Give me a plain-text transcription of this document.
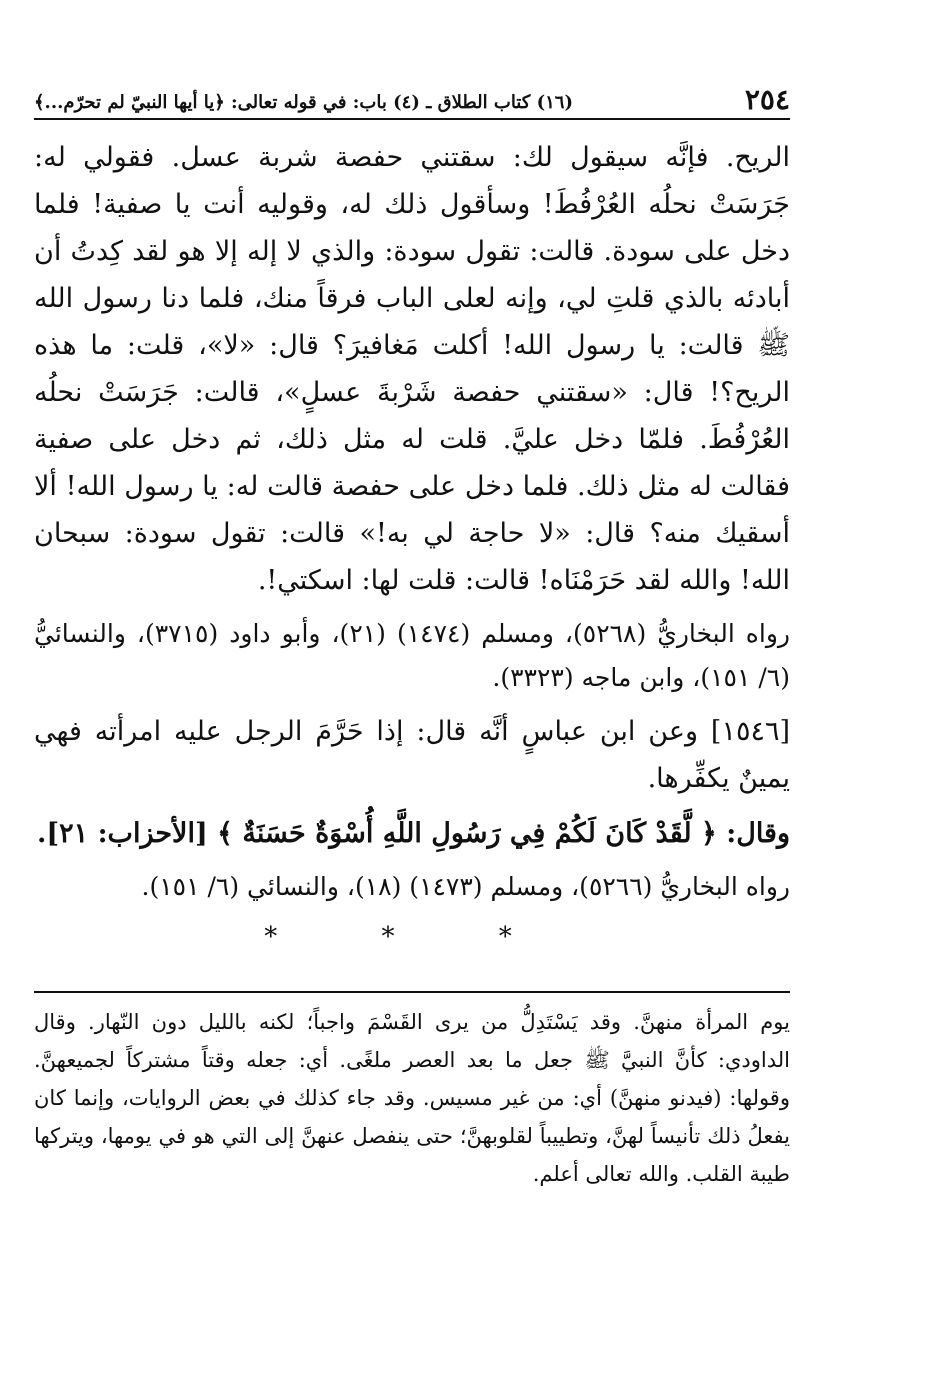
٢٥٤
(١٦) كتاب الطلاق ـ (٤) باب: في قوله تعالى: ﴿يا أيها النبيّ لم تحرّم...﴾

الريح. فإنَّه سيقول لك: سقتني حفصة شربة عسل. فقولي له: جَرَسَتْ نحلُه العُرْفُطَ! وسأقول ذلك له، وقوليه أنت يا صفية! فلما دخل على سودة. قالت: تقول سودة: والذي لا إله إلا هو لقد كِدتُ أن أبادئه بالذي قلتِ لي، وإنه لعلى الباب فرقاً منك، فلما دنا رسول الله ﷺ قالت: يا رسول الله! أكلت مَغافيرَ؟ قال: «لا»، قلت: ما هذه الريح؟! قال: «سقتني حفصة شَرْبةَ عسلٍ»، قالت: جَرَسَتْ نحلُه العُرْفُطَ. فلمّا دخل عليَّ. قلت له مثل ذلك، ثم دخل على صفية فقالت له مثل ذلك. فلما دخل على حفصة قالت له: يا رسول الله! ألا أسقيك منه؟ قال: «لا حاجة لي به!» قالت: تقول سودة: سبحان الله! والله لقد حَرَمْنَاه! قالت: قلت لها: اسكتي!.

رواه البخاريُّ (٥٢٦٨)، ومسلم (١٤٧٤) (٢١)، وأبو داود (٣٧١٥)، والنسائيُّ (٦/ ١٥١)، وابن ماجه (٣٣٢٣).

[١٥٤٦] وعن ابن عباسٍ أنَّه قال: إذا حَرَّمَ الرجل عليه امرأته فهي يمينٌ يكفِّرها.

وقال: ﴿ لَّقَدْ كَانَ لَكُمْ فِي رَسُولِ اللَّهِ أُسْوَةٌ حَسَنَةٌ ﴾ [الأحزاب: ٢١].

رواه البخاريُّ (٥٢٦٦)، ومسلم (١٤٧٣) (١٨)، والنسائي (٦/ ١٥١).

* * *

يوم المرأة منهنَّ. وقد يَسْتَدِلُّ من يرى القَسْمَ واجباً؛ لكنه بالليل دون النّهار. وقال الداودي: كأنَّ النبيَّ ﷺ جعل ما بعد العصر ملغًى. أي: جعله وقتاً مشتركاً لجميعهنَّ. وقولها: (فيدنو منهنَّ) أي: من غير مسيس. وقد جاء كذلك في بعض الروايات، وإنما كان يفعلُ ذلك تأنيساً لهنَّ، وتطييباً لقلوبهنَّ؛ حتى ينفصل عنهنَّ إلى التي هو في يومها، ويتركها طيبة القلب. والله تعالى أعلم.
